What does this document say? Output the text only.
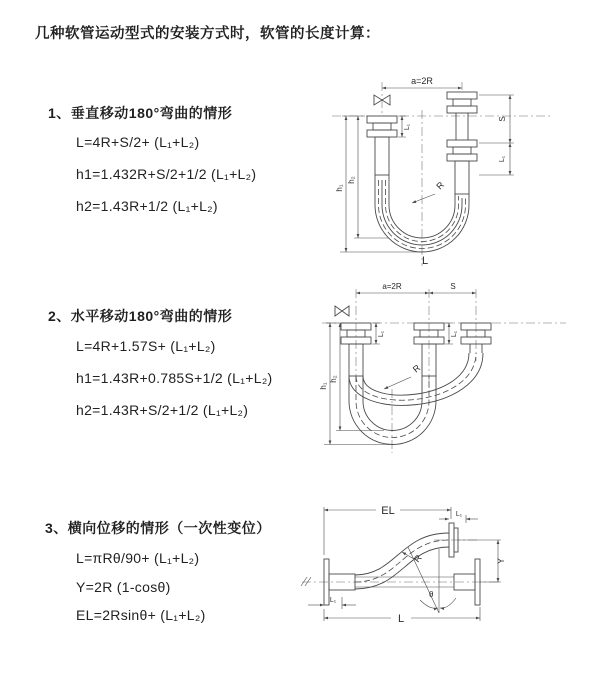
几种软管运动型式的安装方式时，软管的长度计算：
1、垂直移动180°弯曲的情形
L=4R+S/2+ (L₁+L₂)
h1=1.432R+S/2+1/2 (L₁+L₂)
h2=1.43R+1/2 (L₁+L₂)
2、水平移动180°弯曲的情形
L=4R+1.57S+ (L₁+L₂)
h1=1.43R+0.785S+1/2 (L₁+L₂)
h2=1.43R+S/2+1/2 (L₁+L₂)
3、横向位移的情形（一次性变位）
L=πRθ/90+ (L₁+L₂)
Y=2R (1-cosθ)
EL=2Rsinθ+ (L₁+L₂)
a=2R
R
h₁
h₂
S
L₁
L₁
L
a=2R	S
R
h₁
h₂
L₁	L₁
θ
R
EL	L₁
Y
L
L₁
